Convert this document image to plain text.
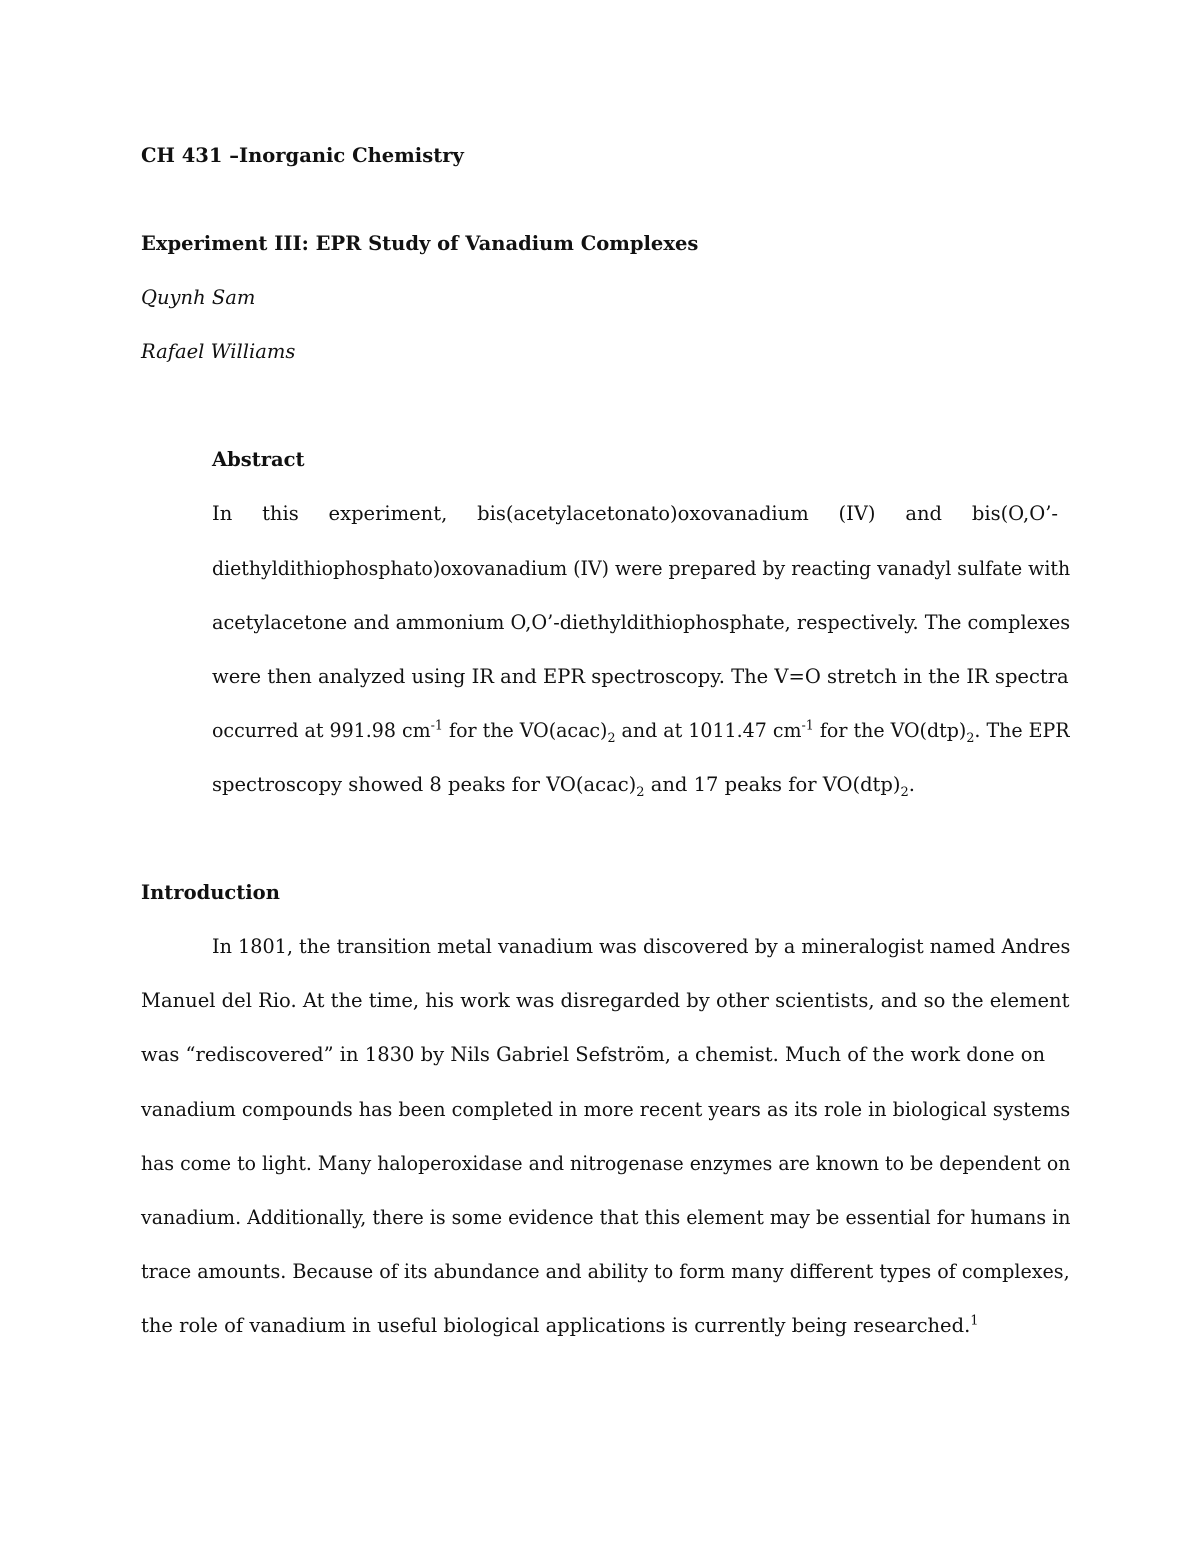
CH 431 –Inorganic Chemistry
Experiment III: EPR Study of Vanadium Complexes
Quynh Sam
Rafael Williams
Abstract
In this experiment, bis(acetylacetonato)oxovanadium (IV) and bis(O,O’-
diethyldithiophosphato)oxovanadium (IV) were prepared by reacting vanadyl sulfate with
acetylacetone and ammonium O,O’-diethyldithiophosphate, respectively. The complexes
were then analyzed using IR and EPR spectroscopy. The V=O stretch in the IR spectra
occurred at 991.98 $cm^{-1}$ for the $VO(acac)_2$ and at 1011.47 $cm^{-1}$ for the $VO(dtp)_2$. The EPR
spectroscopy showed 8 peaks for $VO(acac)_2$ and 17 peaks for $VO(dtp)_2$.
Introduction
In 1801, the transition metal vanadium was discovered by a mineralogist named Andres
Manuel del Rio. At the time, his work was disregarded by other scientists, and so the element
was “rediscovered” in 1830 by Nils Gabriel Sefström, a chemist. Much of the work done on
vanadium compounds has been completed in more recent years as its role in biological systems
has come to light. Many haloperoxidase and nitrogenase enzymes are known to be dependent on
vanadium. Additionally, there is some evidence that this element may be essential for humans in
trace amounts. Because of its abundance and ability to form many different types of complexes,
the role of vanadium in useful biological applications is currently being researched.$^1$
